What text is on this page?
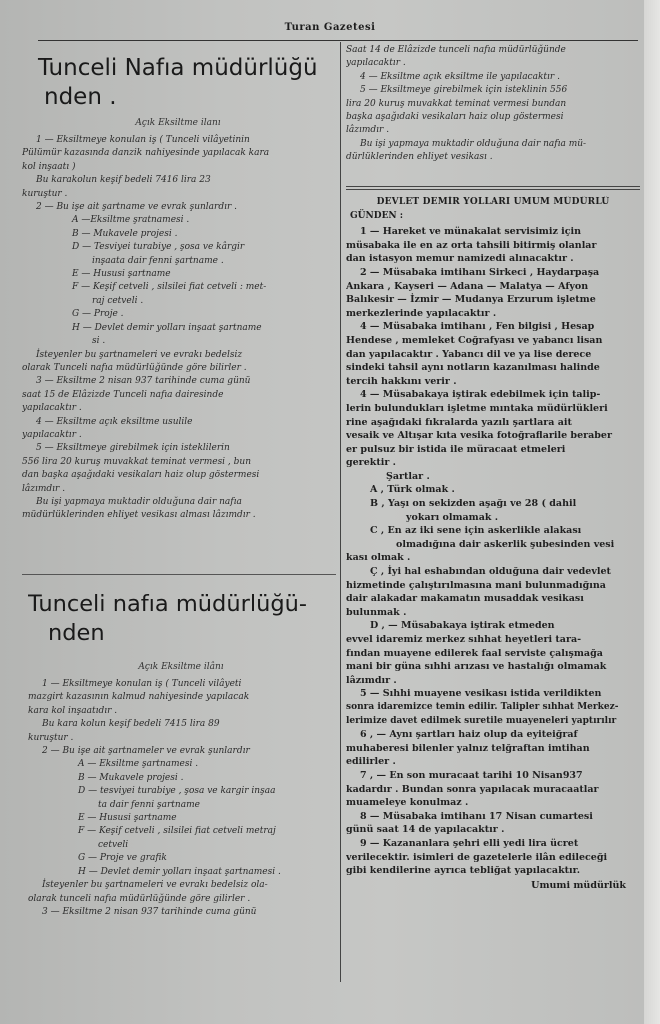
Turan Gazetesi

Tunceli Nafıa müdürlüğü

nden .

Açık Eksiltme ilanı

1 — Eksiltmeye konulan iş ( Tunceli vilâyetinin

Pülümür kazasında danzik nahiyesinde yapılacak kara

kol inşaatı )

Bu karakolun keşif bedeli 7416 lira 23

kuruştur .

2 — Bu işe ait şartname ve evrak şunlardır .

A —Eksiltme şratnamesi .

B — Mukavele projesi .

D — Tesviyei turabiye , şosa ve kârgir

inşaata dair fenni şartname .

E — Hususi şartname

F — Keşif cetveli , silsilei fiat cetveli : met-

raj cetveli .

G — Proje .

H — Devlet demir yolları inşaat şartname

si .

İsteyenler bu şartnameleri ve evrakı bedelsiz

olarak Tunceli nafıa müdürlüğünde göre bilirler .

3 — Eksiltme 2 nisan 937 tarihinde cuma günü

saat 15 de Elâzizde Tunceli nafıa dairesinde

yapılacaktır .

4 — Eksiltme açık eksiltme usulile

yapılacaktır .

5 — Eksiltmeye girebilmek için isteklilerin

556 lira 20 kuruş muvakkat teminat vermesi , bun

dan başka aşağıdaki vesikaları haiz olup göstermesi

lâzımdır .

Bu işi yapmaya muktadir olduğuna dair nafıa

müdürlüklerinden ehliyet vesikası alması lâzımdır .

Tunceli nafıa müdürlüğü-

nden

Açık Eksiltme ilânı

1 — Eksiltmeye konulan iş ( Tunceli vilâyeti

mazgirt kazasının kalmud nahiyesinde yapılacak

kara kol inşaatıdır .

Bu kara kolun keşif bedeli 7415 lira 89

kuruştur .

2 — Bu işe ait şartnameler ve evrak şunlardır

A — Eksiltme şartnamesi .

B — Mukavele projesi .

D — tesviyei turabiye , şosa ve kargir inşaa

ta dair fenni şartname

E — Hususi şartname

F — Keşif cetveli , silsilei fiat cetveli metraj

cetveli

G — Proje ve grafik

H — Devlet demir yolları inşaat şartnamesi .

İsteyenler bu şartnameleri ve evrakı bedelsiz ola-

olarak tunceli nafıa müdürlüğünde göre gilirler .

3 — Eksiltme 2 nisan 937 tarihinde cuma günü

Saat 14 de Elâzizde tunceli nafıa müdürlüğünde

yapılacaktır .

4 — Eksiltme açık eksiltme ile yapılacaktır .

5 — Eksiltmeye girebilmek için isteklinin 556

lira 20 kuruş muvakkat teminat vermesi bundan

başka aşağıdaki vesikaları haiz olup göstermesi

lâzımdır .

Bu işi yapmaya muktadir olduğuna dair nafıa mü-

dürlüklerinden ehliyet vesikası .

DEVLET DEMİR YOLLARI UMUM MÜDÜRLÜ

GÜNDEN :

1 — Hareket ve münakalat servisimiz için

müsabaka ile en az orta tahsili bitirmiş olanlar

dan istasyon memur namizedi alınacaktır .

2 — Müsabaka imtihanı Sirkeci , Haydarpaşa

Ankara , Kayseri — Adana — Malatya — Afyon

Balıkesir — İzmir — Mudanya Erzurum işletme

merkezlerinde yapılacaktır .

4 — Müsabaka imtihanı , Fen bilgisi , Hesap

Hendese , memleket Coğrafyası ve yabancı lisan

dan yapılacaktır . Yabancı dil ve ya lise derece

sindeki tahsil aynı notların kazanılması halinde

tercih hakkını verir .

4 — Müsabakaya iştirak edebilmek için talip-

lerin bulundukları işletme mıntaka müdürlükleri

rine aşağıdaki fıkralarda yazılı şartlara ait

vesaik ve Altışar kıta vesika fotoğraflarile beraber

er pulsuz bir istida ile müracaat etmeleri

gerektir .

Şartlar .

A , Türk olmak .

B , Yaşı on sekizden aşağı ve 28 ( dahil

yokarı olmamak .

C , En az iki sene için askerlikle alakası

olmadığına dair askerlik şubesinden vesi

kası olmak .

Ç , İyi hal eshabından olduğuna dair vedevlet

hizmetinde çalıştırılmasına mani bulunmadığına

dair alakadar makamatın musaddak vesikası

bulunmak .

D , — Müsabakaya iştirak etmeden

evvel idaremiz merkez sıhhat heyetleri tara-

fından muayene edilerek faal serviste çalışmağa

mani bir güna sıhhi arızası ve hastalığı olmamak

lâzımdır .

5 — Sıhhi muayene vesikası istida verildikten

sonra idaremizce temin edilir. Talipler sıhhat Merkez-

lerimize davet edilmek suretile muayeneleri yaptırılır

6 , — Aynı şartları haiz olup da eyiteiğraf

muhaberesi bilenler yalnız telğraftan imtihan

edilirler .

7 , — En son muracaat tarihi 10 Nisan937

kadardır . Bundan sonra yapılacak muracaatlar

muameleye konulmaz .

8 — Müsabaka imtihanı 17 Nisan cumartesi

günü saat 14 de yapılacaktır .

9 — Kazananlara şehri elli yedi lira ücret

verilecektir. isimleri de gazetelerle ilân edileceği

gibi kendilerine ayrıca tebliğat yapılacaktır.

Umumi müdürlük
